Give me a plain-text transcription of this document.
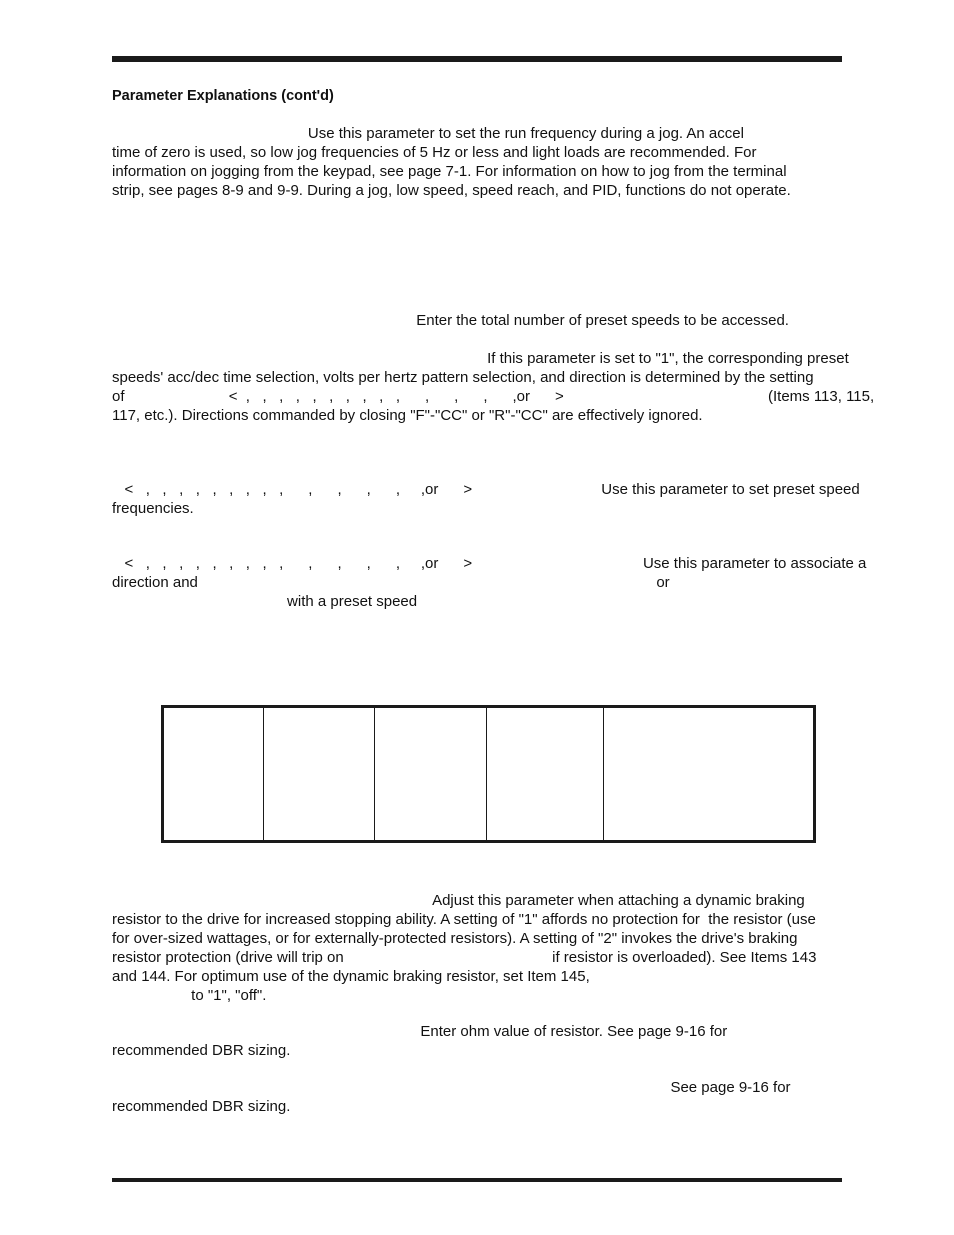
Parameter Explanations (cont'd)
Use this parameter to set the run frequency during a jog. An accel
time of zero is used, so low jog frequencies of 5 Hz or less and light loads are recommended. For
information on jogging from the keypad, see page 7-1. For information on how to jog from the terminal
strip, see pages 8-9 and 9-9. During a jog, low speed, speed reach, and PID, functions do not operate.
Enter the total number of preset speeds to be accessed.
If this parameter is set to "1", the corresponding preset
speeds' acc/dec time selection, volts per hertz pattern selection, and direction is determined by the setting
of                         <  ,   ,   ,   ,   ,   ,   ,   ,   ,   ,      ,      ,      ,      ,or      >                                                 (Items 113, 115,
117, etc.). Directions commanded by closing "F"-"CC" or "R"-"CC" are effectively ignored.
<   ,   ,   ,   ,   ,   ,   ,   ,   ,      ,      ,      ,      ,     ,or      >                               Use this parameter to set preset speed
frequencies.
<   ,   ,   ,   ,   ,   ,   ,   ,   ,      ,      ,      ,      ,     ,or      >                                         Use this parameter to associate a
direction and                                                                                                              or
with a preset speed
Adjust this parameter when attaching a dynamic braking
resistor to the drive for increased stopping ability. A setting of "1" affords no protection for  the resistor (use
for over-sized wattages, or for externally-protected resistors). A setting of "2" invokes the drive's braking
resistor protection (drive will trip on                                                  if resistor is overloaded). See Items 143
and 144. For optimum use of the dynamic braking resistor, set Item 145,
to "1", "off".
Enter ohm value of resistor. See page 9-16 for
recommended DBR sizing.
See page 9-16 for
recommended DBR sizing.
